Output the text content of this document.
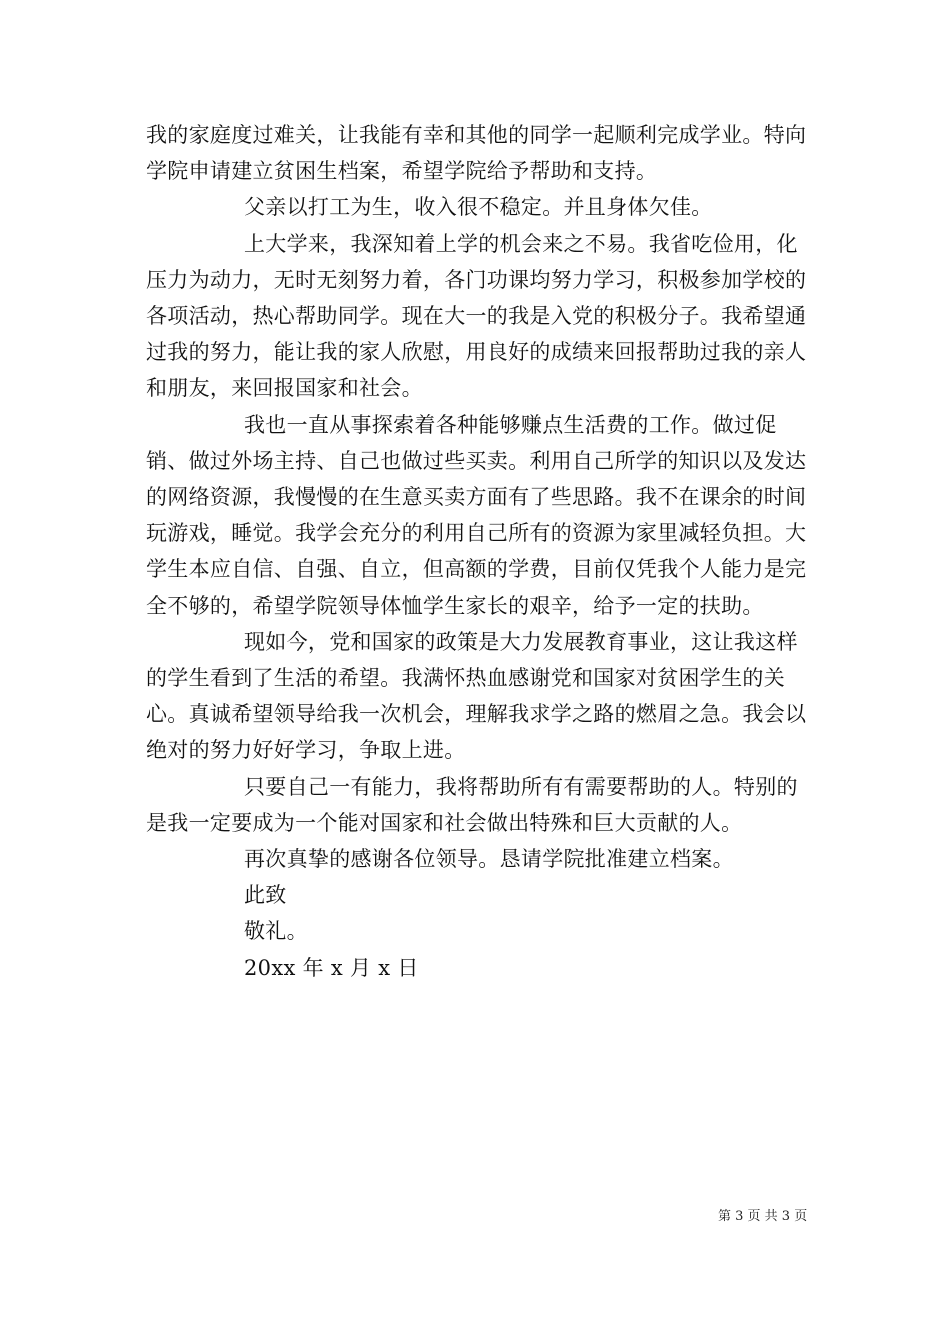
我的家庭度过难关，让我能有幸和其他的同学一起顺利完成学业。特向学院申请建立贫困生档案，希望学院给予帮助和支持。

父亲以打工为生，收入很不稳定。并且身体欠佳。

上大学来，我深知着上学的机会来之不易。我省吃俭用，化压力为动力，无时无刻努力着，各门功课均努力学习，积极参加学校的各项活动，热心帮助同学。现在大一的我是入党的积极分子。我希望通过我的努力，能让我的家人欣慰，用良好的成绩来回报帮助过我的亲人和朋友，来回报国家和社会。

我也一直从事探索着各种能够赚点生活费的工作。做过促销、做过外场主持、自己也做过些买卖。利用自己所学的知识以及发达的网络资源，我慢慢的在生意买卖方面有了些思路。我不在课余的时间玩游戏，睡觉。我学会充分的利用自己所有的资源为家里减轻负担。大学生本应自信、自强、自立，但高额的学费，目前仅凭我个人能力是完全不够的，希望学院领导体恤学生家长的艰辛，给予一定的扶助。

现如今，党和国家的政策是大力发展教育事业，这让我这样的学生看到了生活的希望。我满怀热血感谢党和国家对贫困学生的关心。真诚希望领导给我一次机会，理解我求学之路的燃眉之急。我会以绝对的努力好好学习，争取上进。

只要自己一有能力，我将帮助所有有需要帮助的人。特别的是我一定要成为一个能对国家和社会做出特殊和巨大贡献的人。

再次真挚的感谢各位领导。恳请学院批准建立档案。

此致

敬礼。

20xx 年 x 月 x 日

第 3 页 共 3 页
